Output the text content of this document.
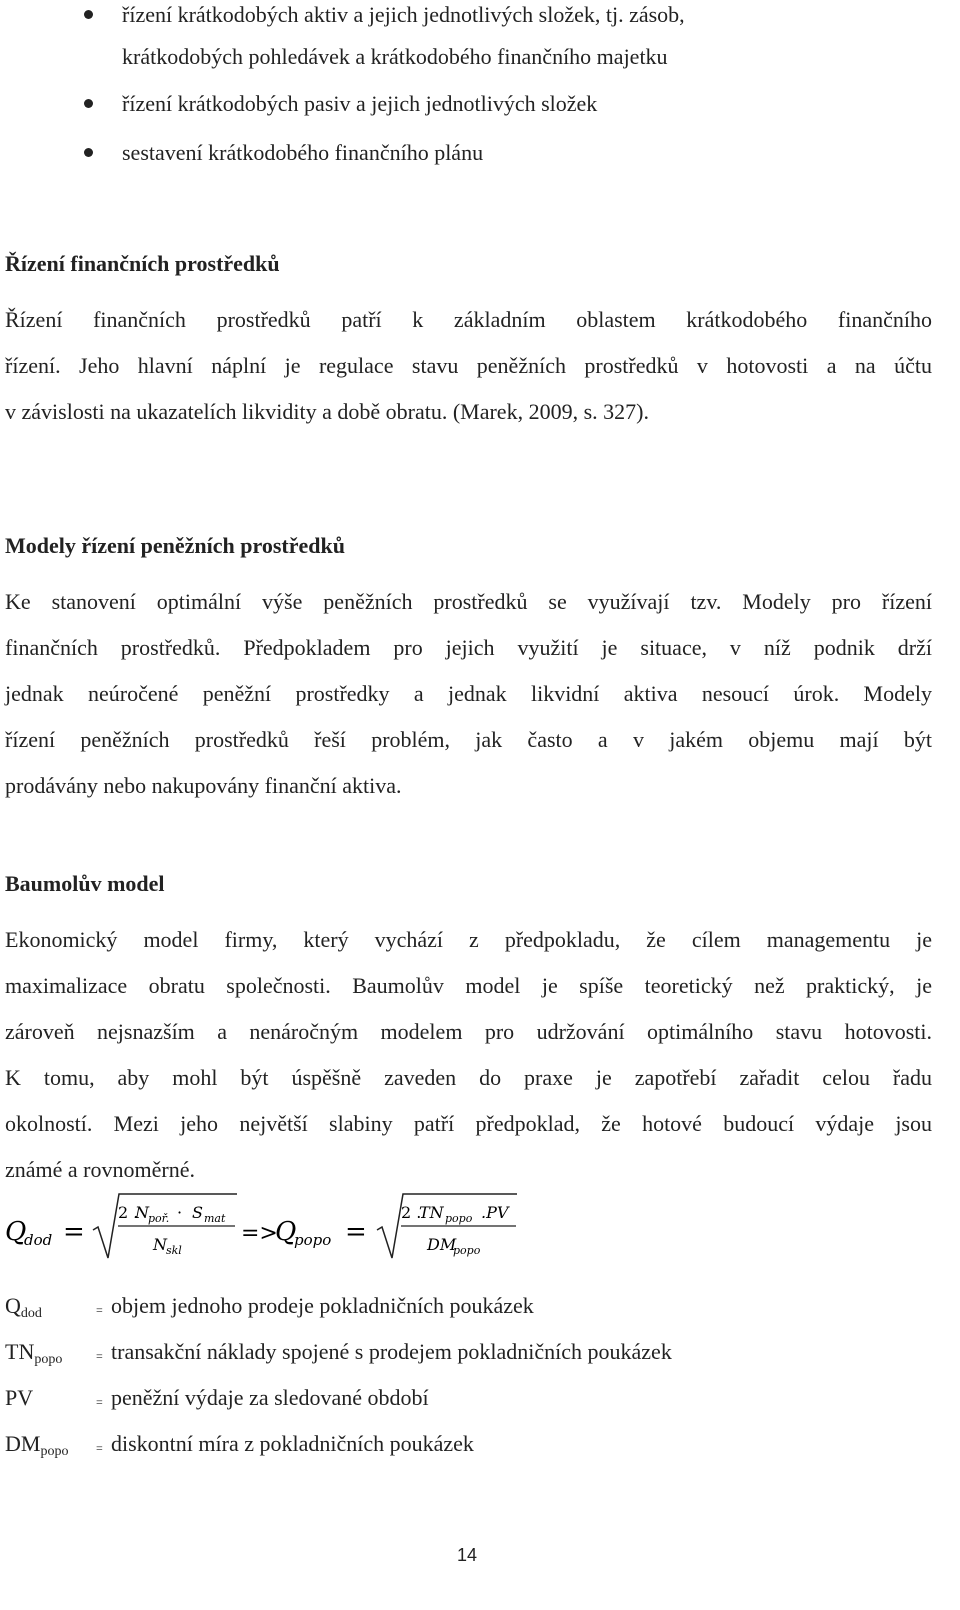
řízení krátkodobých aktiv a jejich jednotlivých složek, tj. zásob,
krátkodobých pohledávek a krátkodobého finančního majetku
řízení krátkodobých pasiv a jejich jednotlivých složek
sestavení krátkodobého finančního plánu
Řízení finančních prostředků
Řízení finančních prostředků patří k základním oblastem krátkodobého finančního
řízení. Jeho hlavní náplní je regulace stavu peněžních prostředků v hotovosti a na účtu
v závislosti na ukazatelích likvidity a době obratu. (Marek, 2009, s. 327).
Modely řízení peněžních prostředků
Ke stanovení optimální výše peněžních prostředků se využívají tzv. Modely pro řízení
finančních prostředků. Předpokladem pro jejich využití je situace, v níž podnik drží
jednak neúročené peněžní prostředky a jednak likvidní aktiva nesoucí úrok. Modely
řízení peněžních prostředků řeší problém, jak často a v jakém objemu mají být
prodávány nebo nakupovány finanční aktiva.
Baumolův model
Ekonomický model firmy, který vychází z předpokladu, že cílem managementu je
maximalizace obratu společnosti. Baumolův model je spíše teoretický než praktický, je
zároveň nejsnazším a nenáročným modelem pro udržování optimálního stavu hotovosti.
K tomu, aby mohl být úspěšně zaveden do praxe je zapotřebí zařadit celou řadu
okolností. Mezi jeho největší slabiny patří předpoklad, že hotové budoucí výdaje jsou
známé a rovnoměrné.
Q
dod =
2 .
N poř. · S mat
N skl
=>
Q
popo =
2 .
TN popo .PV
DM
popo
$Q_{dod}$	= objem jednoho prodeje pokladničních poukázek
$TN_{popo}$	= transakční náklady spojené s prodejem pokladničních poukázek
PV	= peněžní výdaje za sledované období
$DM_{popo}$ = diskontní míra z pokladničních poukázek
14
